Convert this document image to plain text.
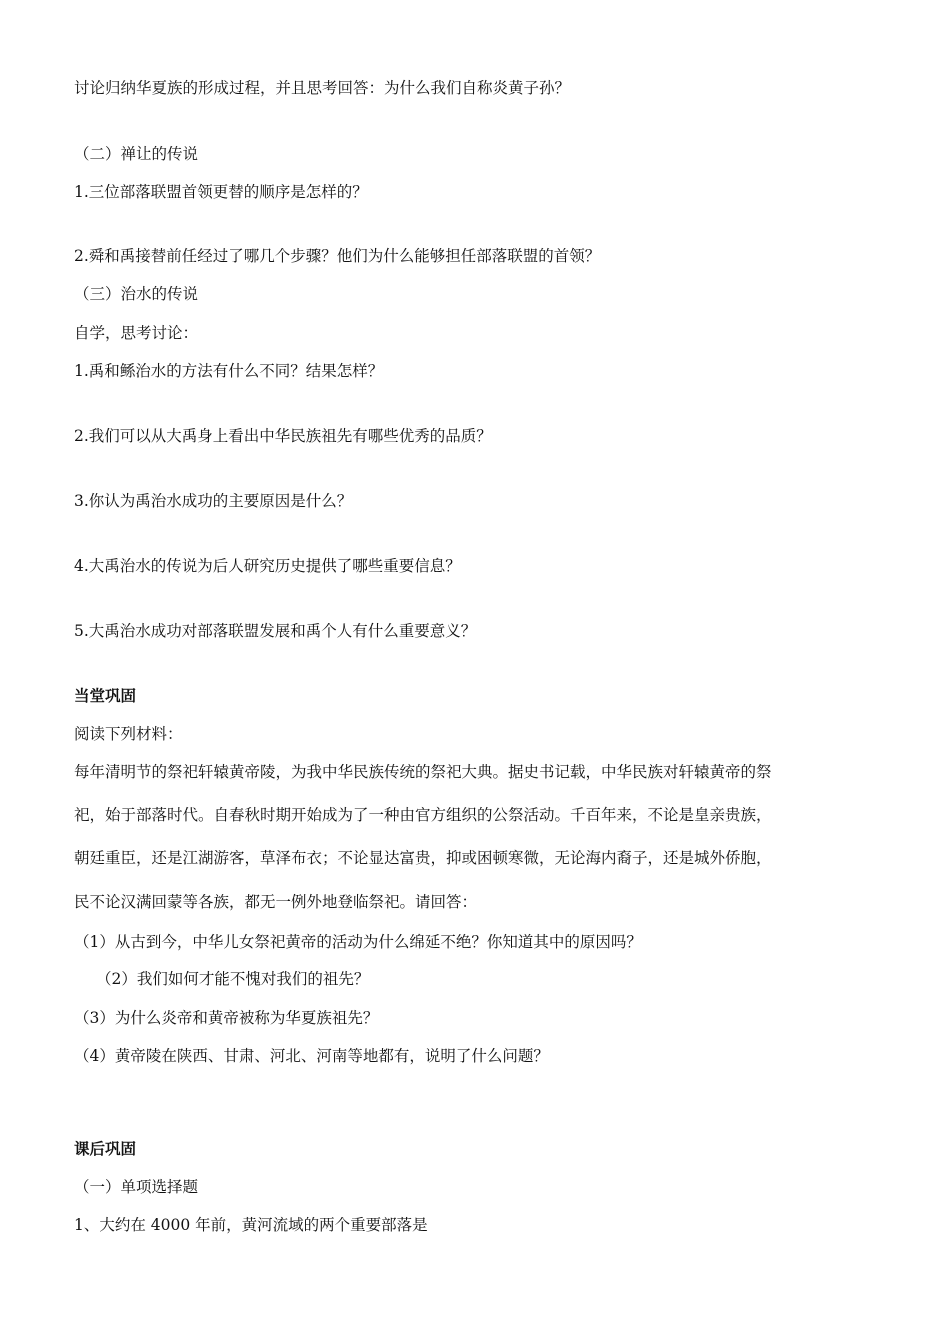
讨论归纳华夏族的形成过程，并且思考回答：为什么我们自称炎黄子孙？
（二）禅让的传说
1.三位部落联盟首领更替的顺序是怎样的？
2.舜和禹接替前任经过了哪几个步骤？他们为什么能够担任部落联盟的首领？
（三）治水的传说
自学，思考讨论：
1.禹和鲧治水的方法有什么不同？结果怎样？
2.我们可以从大禹身上看出中华民族祖先有哪些优秀的品质？
3.你认为禹治水成功的主要原因是什么？
4.大禹治水的传说为后人研究历史提供了哪些重要信息？
5.大禹治水成功对部落联盟发展和禹个人有什么重要意义？
当堂巩固
阅读下列材料：
每年清明节的祭祀轩辕黄帝陵，为我中华民族传统的祭祀大典。据史书记载，中华民族对轩辕黄帝的祭
祀，始于部落时代。自春秋时期开始成为了一种由官方组织的公祭活动。千百年来，不论是皇亲贵族，
朝廷重臣，还是江湖游客，草泽布衣；不论显达富贵，抑或困顿寒微，无论海内裔子，还是城外侨胞，
民不论汉满回蒙等各族，都无一例外地登临祭祀。请回答：
（1）从古到今，中华儿女祭祀黄帝的活动为什么绵延不绝？你知道其中的原因吗？
（2）我们如何才能不愧对我们的祖先？
（3）为什么炎帝和黄帝被称为华夏族祖先？
（4）黄帝陵在陕西、甘肃、河北、河南等地都有，说明了什么问题？
课后巩固
（一）单项选择题
1、大约在 4000 年前，黄河流域的两个重要部落是
